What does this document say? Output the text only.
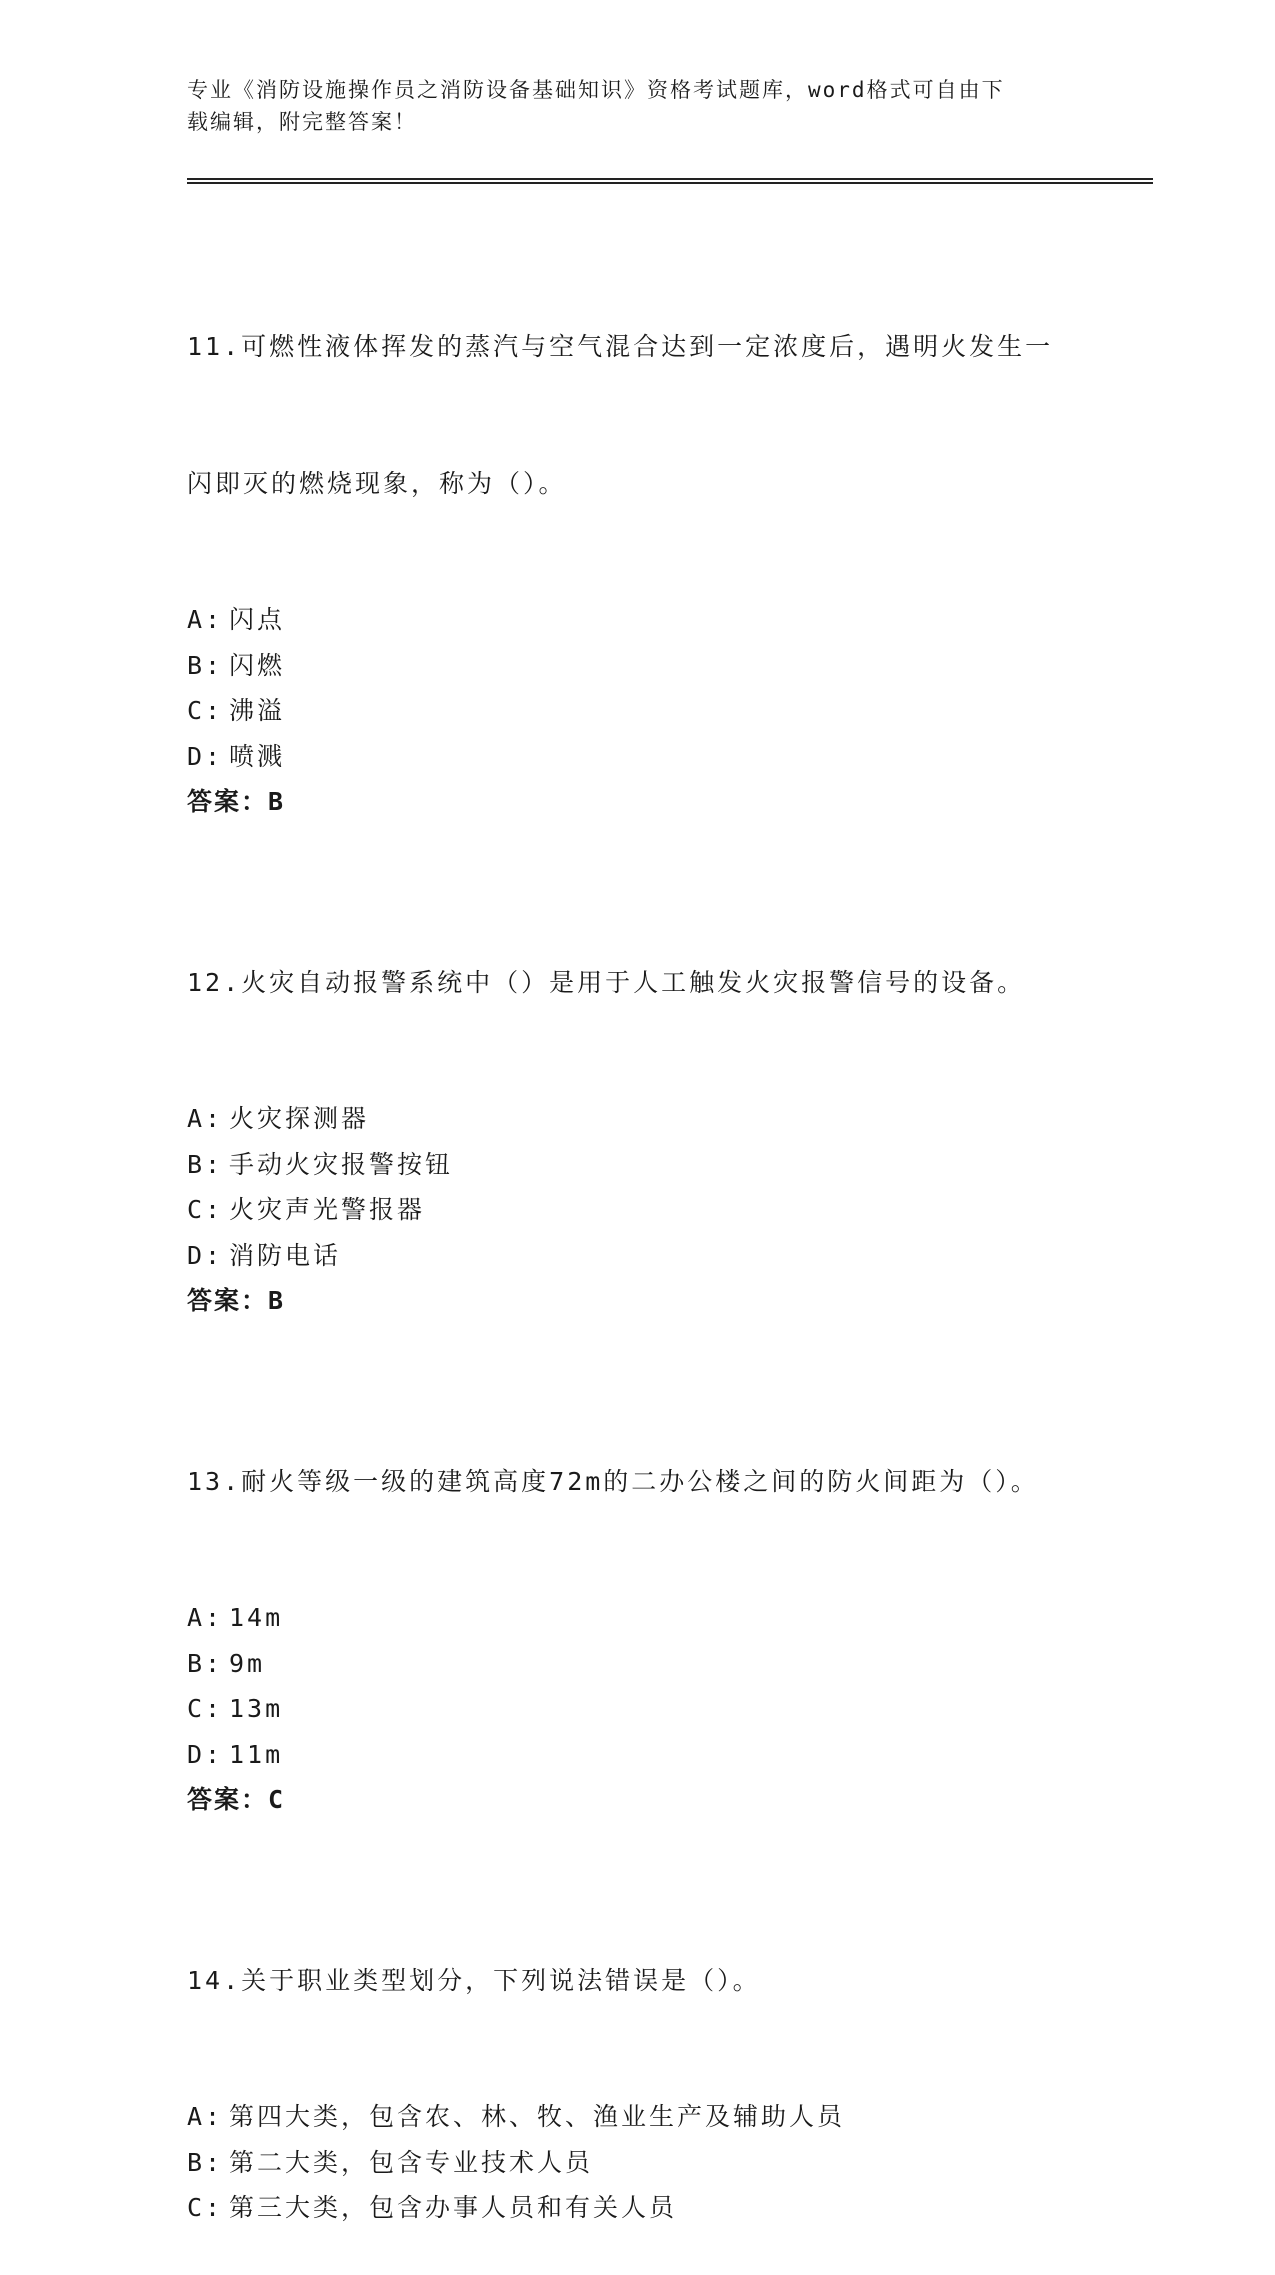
专业《消防设施操作员之消防设备基础知识》资格考试题库，word格式可自由下
载编辑，附完整答案！

11.可燃性液体挥发的蒸汽与空气混合达到一定浓度后，遇明火发生一

闪即灭的燃烧现象，称为（）。

A: 闪点
B: 闪燃
C: 沸溢
D: 喷溅
答案：B

12.火灾自动报警系统中（）是用于人工触发火灾报警信号的设备。

A: 火灾探测器
B: 手动火灾报警按钮
C: 火灾声光警报器
D: 消防电话
答案：B

13.耐火等级一级的建筑高度72m的二办公楼之间的防火间距为（）。

A: 14m
B: 9m
C: 13m
D: 11m
答案：C

14.关于职业类型划分，下列说法错误是（）。

A: 第四大类，包含农、林、牧、渔业生产及辅助人员
B: 第二大类，包含专业技术人员
C: 第三大类，包含办事人员和有关人员
